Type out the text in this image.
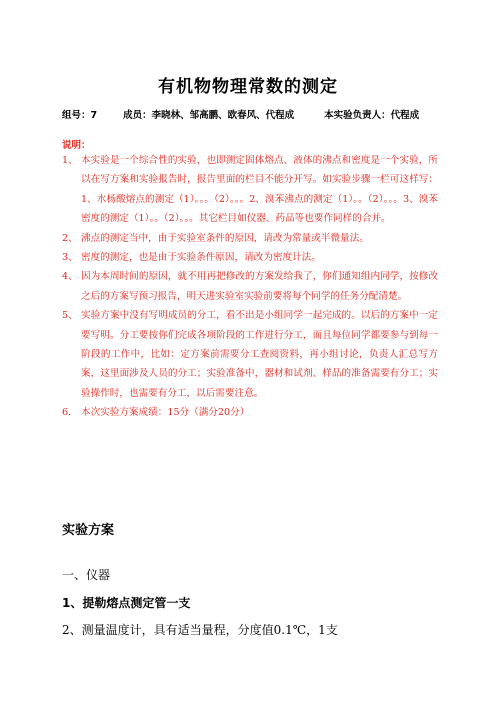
有机物物理常数的测定
组号：7	成员：李晓林、邹高鹏、欧春风、代程成	本实验负责人：代程成
说明：
1、 本实验是一个综合性的实验，也即测定固体熔点、液体的沸点和密度是一个实验，所以在写方案和实验报告时，报告里面的栏目不能分开写。如实验步骤一栏可这样写：1、水杨酸熔点的测定（1）。。。（2）。。。2、溴苯沸点的测定（1）。。（2）。。。3、溴苯密度的测定（1）。。（2）。。。其它栏目如仪器、药品等也要作同样的合并。
2、 沸点的测定当中，由于实验室条件的原因，请改为常量或半微量法。
3、 密度的测定，也是由于实验条件原因，请改为密度计法。
4、 因为本周时间的原因，就不用再把修改的方案发给我了，你们通知组内同学，按修改之后的方案写预习报告，明天进实验室实验前要将每个同学的任务分配清楚。
5、 实验方案中没有写明成员的分工，看不出是小组同学一起完成的。以后的方案中一定要写明。分工要按你们完成各项阶段的工作进行分工，而且每位同学都要参与到每一阶段的工作中，比如：定方案前需要分工查阅资料，再小组讨论，负责人汇总写方案，这里面涉及人员的分工；实验准备中，器材和试剂、样品的准备需要有分工；实验操作时，也需要有分工，以后需要注意。
6. 本次实验方案成绩：15分（满分20分）
实验方案
一、仪器
1、提勒熔点测定管一支
2、测量温度计，具有适当量程，分度值0.1℃，1支
